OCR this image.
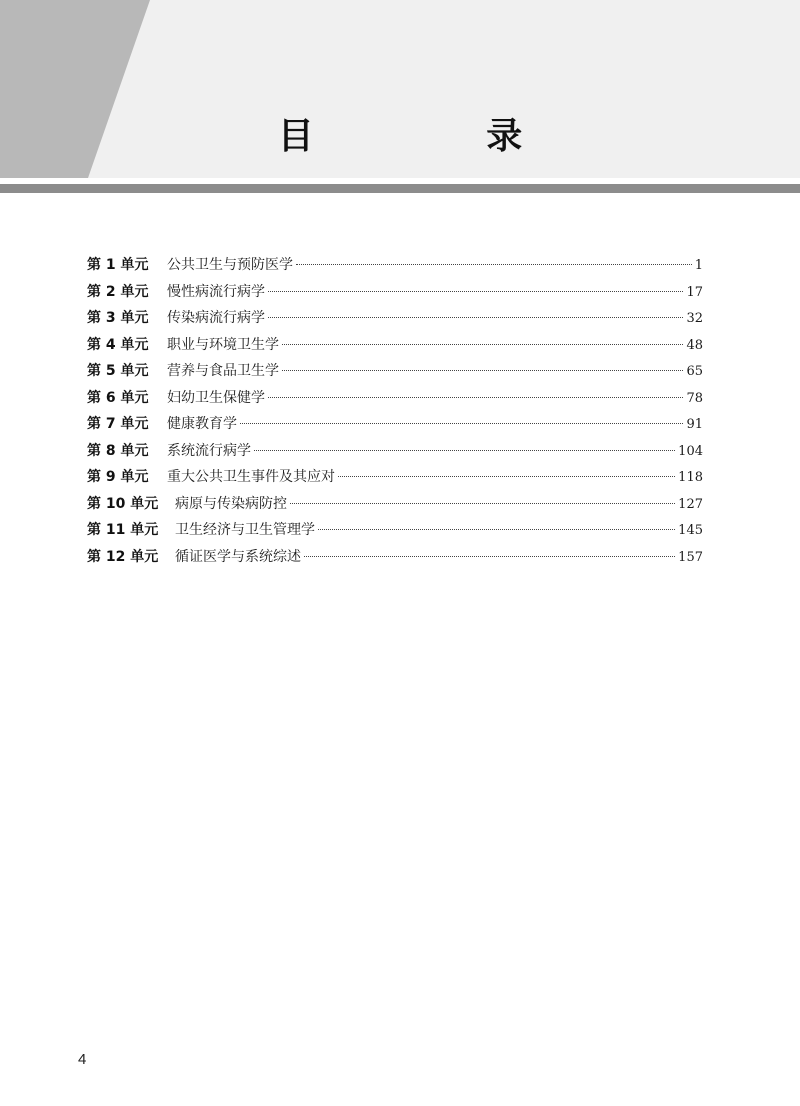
目 录
第 1 单元	公共卫生与预防医学	1
第 2 单元	慢性病流行病学	17
第 3 单元	传染病流行病学	32
第 4 单元	职业与环境卫生学	48
第 5 单元	营养与食品卫生学	65
第 6 单元	妇幼卫生保健学	78
第 7 单元	健康教育学	91
第 8 单元	系统流行病学	104
第 9 单元	重大公共卫生事件及其应对	118
第 10 单元	病原与传染病防控	127
第 11 单元	卫生经济与卫生管理学	145
第 12 单元	循证医学与系统综述	157
4
